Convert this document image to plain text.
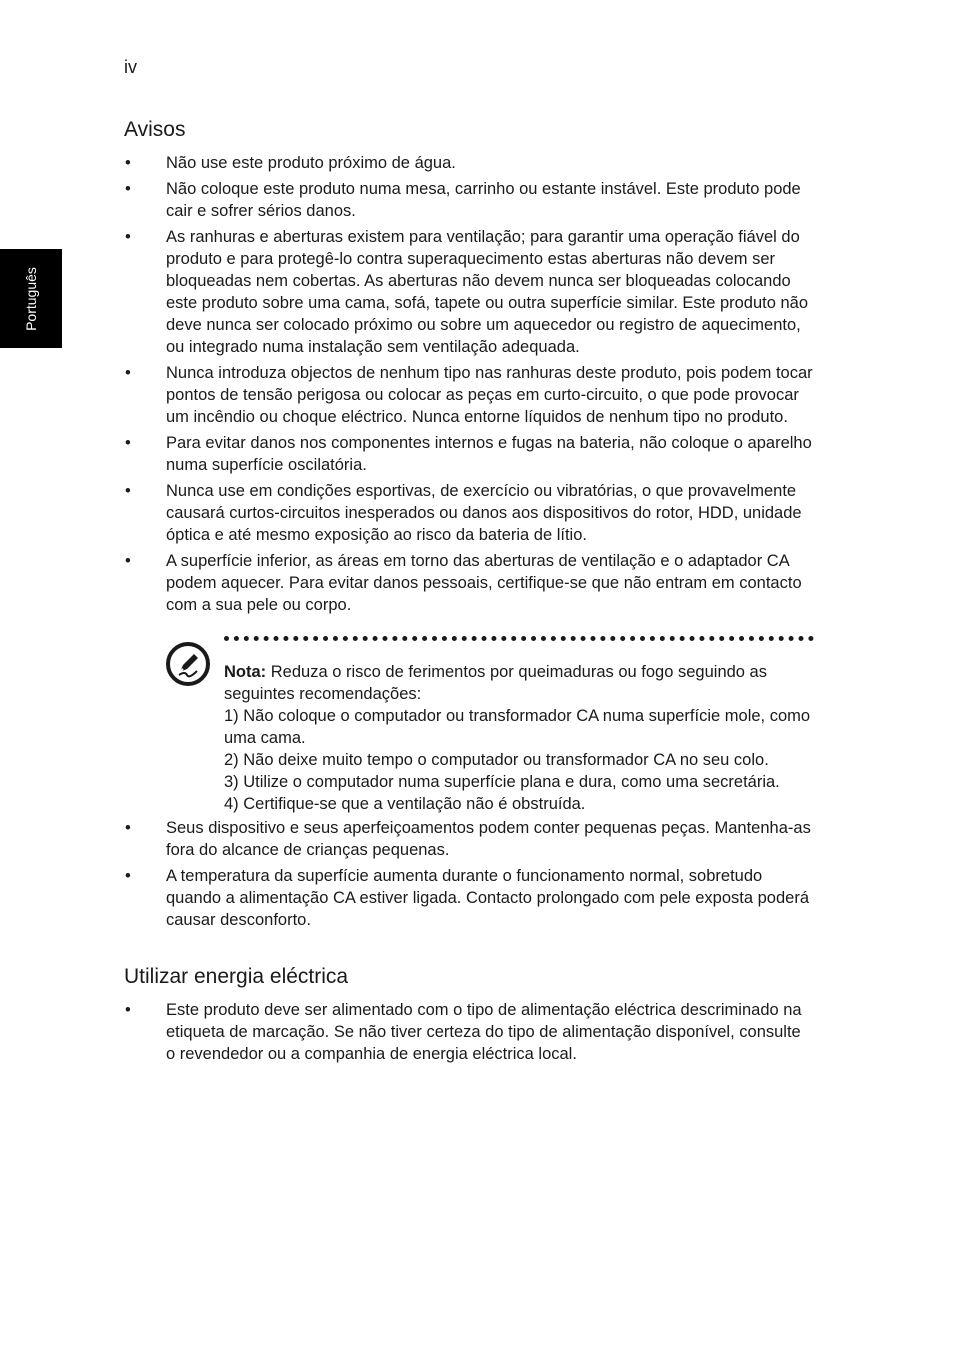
iv
Português
Avisos
• Não use este produto próximo de água.
• Não coloque este produto numa mesa, carrinho ou estante instável. Este produto pode cair e sofrer sérios danos.
• As ranhuras e aberturas existem para ventilação; para garantir uma operação fiável do produto e para protegê-lo contra superaquecimento estas aberturas não devem ser bloqueadas nem cobertas. As aberturas não devem nunca ser bloqueadas colocando este produto sobre uma cama, sofá, tapete ou outra superfície similar. Este produto não deve nunca ser colocado próximo ou sobre um aquecedor ou registro de aquecimento, ou integrado numa instalação sem ventilação adequada.
• Nunca introduza objectos de nenhum tipo nas ranhuras deste produto, pois podem tocar pontos de tensão perigosa ou colocar as peças em curto-circuito, o que pode provocar um incêndio ou choque eléctrico. Nunca entorne líquidos de nenhum tipo no produto.
• Para evitar danos nos componentes internos e fugas na bateria, não coloque o aparelho numa superfície oscilatória.
• Nunca use em condições esportivas, de exercício ou vibratórias, o que provavelmente causará curtos-circuitos inesperados ou danos aos dispositivos do rotor, HDD, unidade óptica e até mesmo exposição ao risco da bateria de lítio.
• A superfície inferior, as áreas em torno das aberturas de ventilação e o adaptador CA podem aquecer. Para evitar danos pessoais, certifique-se que não entram em contacto com a sua pele ou corpo.
Nota: Reduza o risco de ferimentos por queimaduras ou fogo seguindo as seguintes recomendações:
1) Não coloque o computador ou transformador CA numa superfície mole, como uma cama.
2) Não deixe muito tempo o computador ou transformador CA no seu colo.
3) Utilize o computador numa superfície plana e dura, como uma secretária.
4) Certifique-se que a ventilação não é obstruída.
• Seus dispositivo e seus aperfeiçoamentos podem conter pequenas peças. Mantenha-as fora do alcance de crianças pequenas.
• A temperatura da superfície aumenta durante o funcionamento normal, sobretudo quando a alimentação CA estiver ligada. Contacto prolongado com pele exposta poderá causar desconforto.
Utilizar energia eléctrica
• Este produto deve ser alimentado com o tipo de alimentação eléctrica descriminado na etiqueta de marcação. Se não tiver certeza do tipo de alimentação disponível, consulte o revendedor ou a companhia de energia eléctrica local.
